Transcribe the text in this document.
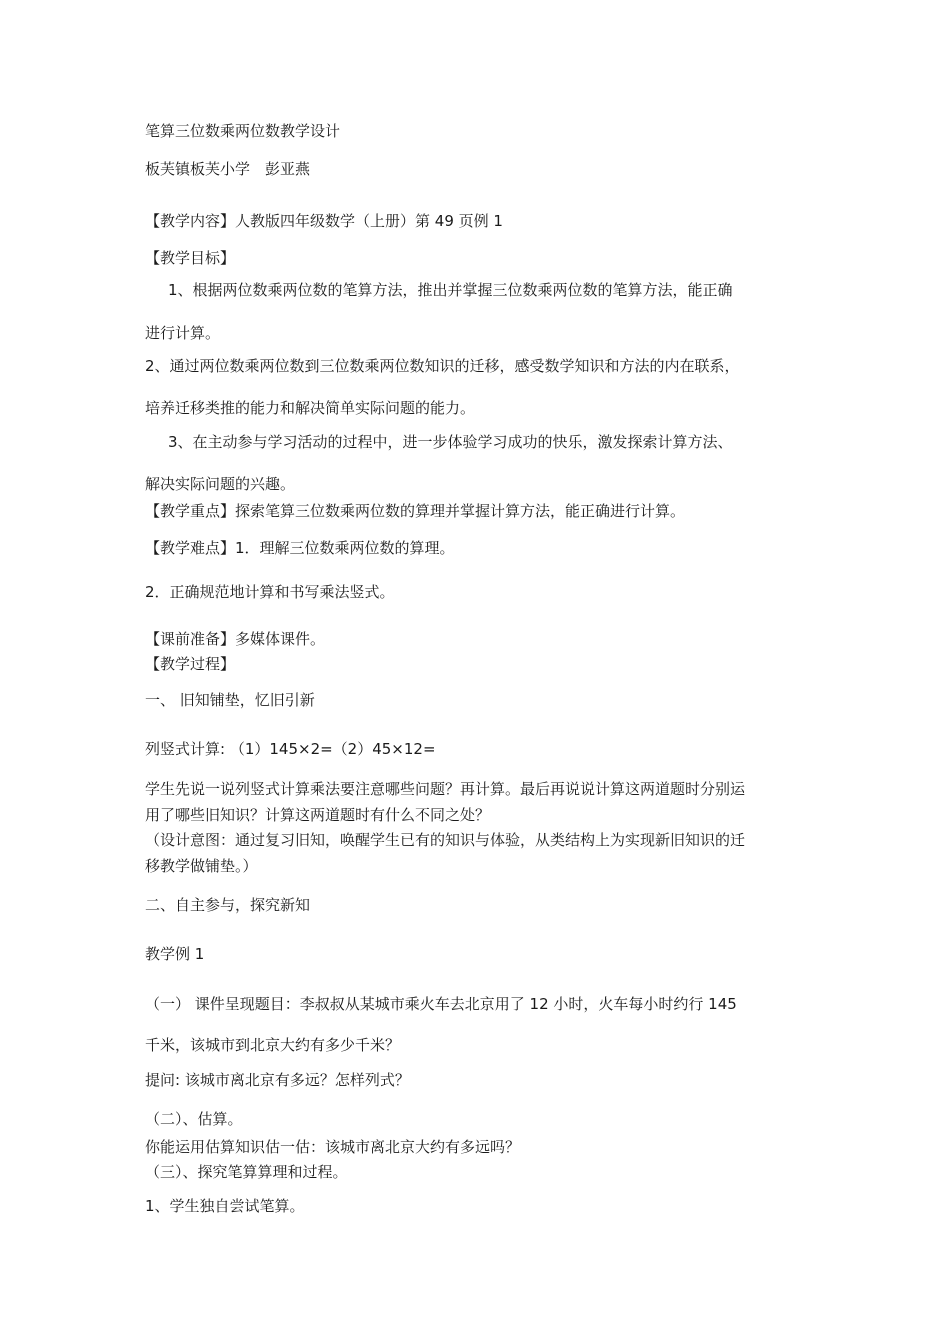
笔算三位数乘两位数教学设计

板芙镇板芙小学　彭亚燕

【教学内容】人教版四年级数学（上册）第 49 页例 1

【教学目标】

1、根据两位数乘两位数的笔算方法，推出并掌握三位数乘两位数的笔算方法，能正确

进行计算。

2、通过两位数乘两位数到三位数乘两位数知识的迁移，感受数学知识和方法的内在联系，

培养迁移类推的能力和解决简单实际问题的能力。

3、在主动参与学习活动的过程中，进一步体验学习成功的快乐，激发探索计算方法、

解决实际问题的兴趣。

【教学重点】探索笔算三位数乘两位数的算理并掌握计算方法，能正确进行计算。

【教学难点】1．理解三位数乘两位数的算理。

2．正确规范地计算和书写乘法竖式。

【课前准备】多媒体课件。

【教学过程】

一、 旧知铺垫，忆旧引新

列竖式计算: （1）145×2=（2）45×12=

学生先说一说列竖式计算乘法要注意哪些问题？再计算。最后再说说计算这两道题时分别运

用了哪些旧知识？计算这两道题时有什么不同之处？

（设计意图：通过复习旧知，唤醒学生已有的知识与体验，从类结构上为实现新旧知识的迁

移教学做铺垫。）

二、自主参与，探究新知

教学例 1

（一） 课件呈现题目：李叔叔从某城市乘火车去北京用了 12 小时，火车每小时约行 145

千米，该城市到北京大约有多少千米？

提问: 该城市离北京有多远？怎样列式？

（二）、估算。

你能运用估算知识估一估：该城市离北京大约有多远吗？

（三）、探究笔算算理和过程。

1、学生独自尝试笔算。
